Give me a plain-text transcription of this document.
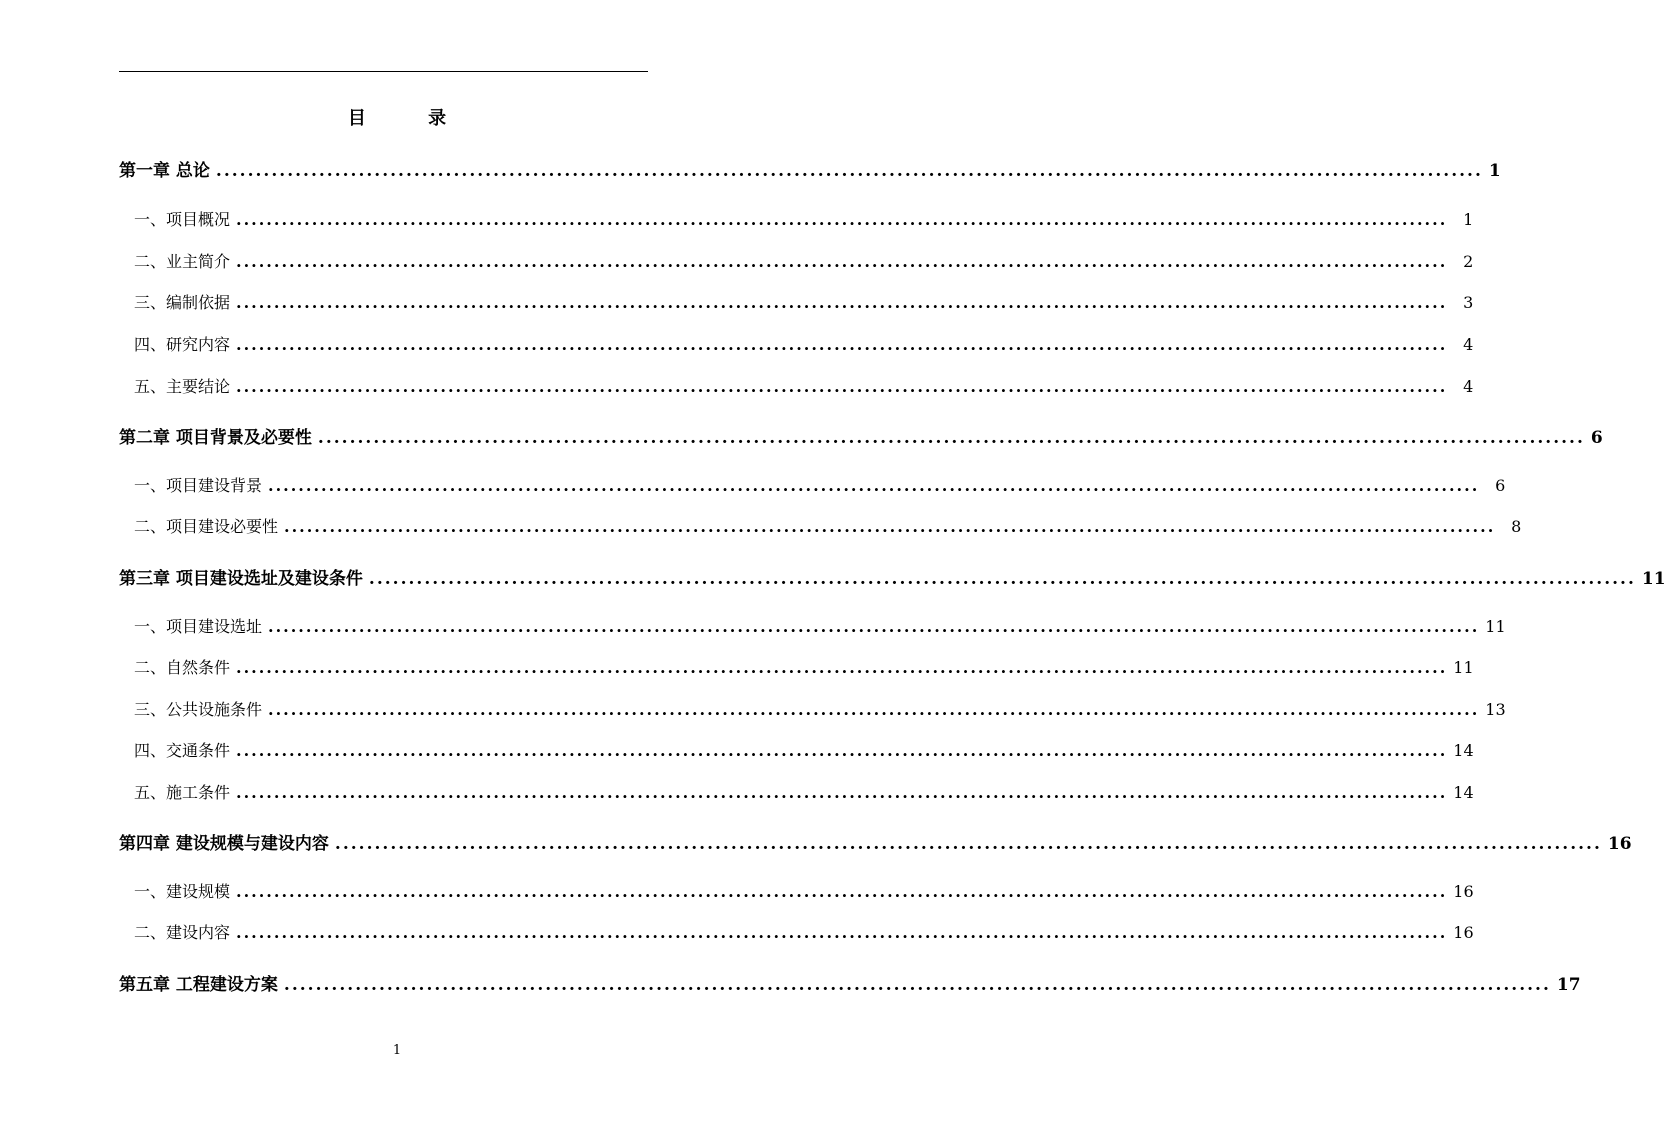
目 录
第一章 总论 ................................................................................................................................................................ 1
一、项目概况 ................................................................................................................................................................ 1
二、业主简介 ................................................................................................................................................................ 2
三、编制依据 ................................................................................................................................................................ 3
四、研究内容 ................................................................................................................................................................ 4
五、主要结论 ................................................................................................................................................................ 4
第二章 项目背景及必要性 ................................................................................................................................................................ 6
一、项目建设背景 ................................................................................................................................................................ 6
二、项目建设必要性 ................................................................................................................................................................ 8
第三章 项目建设选址及建设条件 ................................................................................................................................................................ 11
一、项目建设选址 ................................................................................................................................................................ 11
二、自然条件 ................................................................................................................................................................ 11
三、公共设施条件 ................................................................................................................................................................ 13
四、交通条件 ................................................................................................................................................................ 14
五、施工条件 ................................................................................................................................................................ 14
第四章 建设规模与建设内容 ................................................................................................................................................................ 16
一、建设规模 ................................................................................................................................................................ 16
二、建设内容 ................................................................................................................................................................ 16
第五章 工程建设方案 ................................................................................................................................................................ 17
1
